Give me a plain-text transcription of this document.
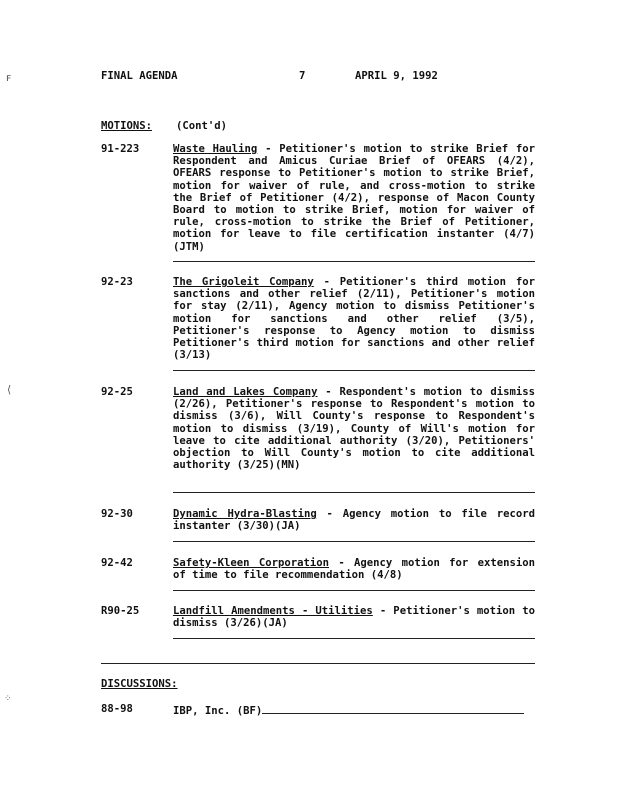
ꜰ
⟨
⁘
FINAL AGENDA	7	APRIL 9, 1992
MOTIONS: (Cont'd)
91-223	Waste Hauling - Petitioner's motion to strike Brief for Respondent and Amicus Curiae Brief of OFEARS (4/2), OFEARS response to Petitioner's motion to strike Brief, motion for waiver of rule, and cross-motion to strike the Brief of Petitioner (4/2), response of Macon County Board to motion to strike Brief, motion for waiver of rule, cross-motion to strike the Brief of Petitioner, motion for leave to file certification instanter (4/7)(JTM)
92-23	The Grigoleit Company - Petitioner's third motion for sanctions and other relief (2/11), Petitioner's motion for stay (2/11), Agency motion to dismiss Petitioner's motion for sanctions and other relief (3/5), Petitioner's response to Agency motion to dismiss Petitioner's third motion for sanctions and other relief (3/13)
92-25	Land and Lakes Company - Respondent's motion to dismiss (2/26), Petitioner's response to Respondent's motion to dismiss (3/6), Will County's response to Respondent's motion to dismiss (3/19), County of Will's motion for leave to cite additional authority (3/20), Petitioners' objection to Will County's motion to cite additional authority (3/25)(MN)
92-30	Dynamic Hydra-Blasting - Agency motion to file record instanter (3/30)(JA)
92-42	Safety-Kleen Corporation - Agency motion for extension of time to file recommendation (4/8)
R90-25	Landfill Amendments - Utilities - Petitioner's motion to dismiss (3/26)(JA)
DISCUSSIONS:
88-98	IBP, Inc. (BF)
